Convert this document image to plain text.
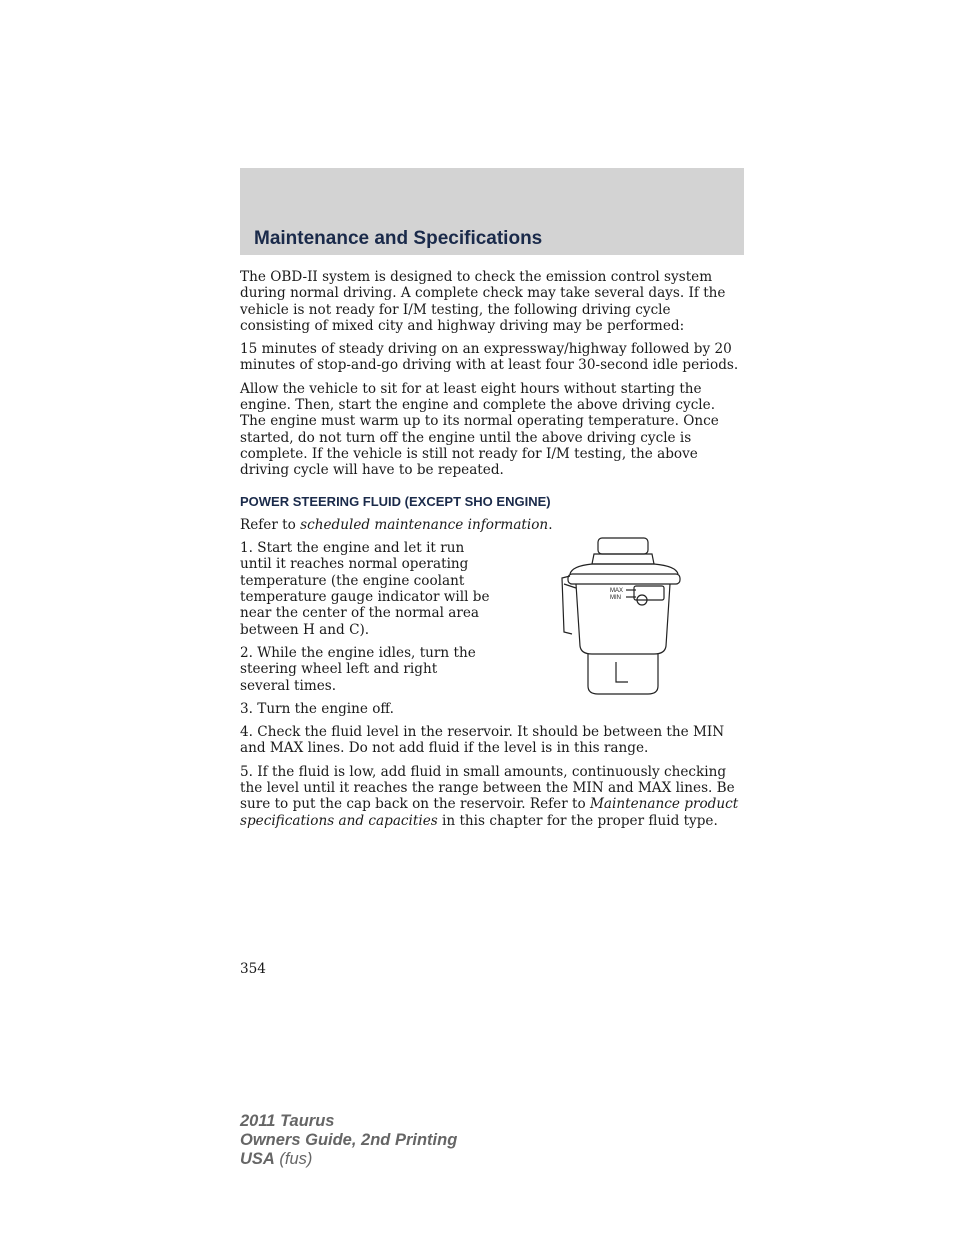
Maintenance and Specifications

The OBD-II system is designed to check the emission control system during normal driving. A complete check may take several days. If the vehicle is not ready for I/M testing, the following driving cycle consisting of mixed city and highway driving may be performed:

15 minutes of steady driving on an expressway/highway followed by 20 minutes of stop-and-go driving with at least four 30-second idle periods.

Allow the vehicle to sit for at least eight hours without starting the engine. Then, start the engine and complete the above driving cycle. The engine must warm up to its normal operating temperature. Once started, do not turn off the engine until the above driving cycle is complete. If the vehicle is still not ready for I/M testing, the above driving cycle will have to be repeated.

POWER STEERING FLUID (EXCEPT SHO ENGINE)

Refer to scheduled maintenance information.

1. Start the engine and let it run until it reaches normal operating temperature (the engine coolant temperature gauge indicator will be near the center of the normal area between H and C).

2. While the engine idles, turn the steering wheel left and right several times.

MAX
MIN

3. Turn the engine off.

4. Check the fluid level in the reservoir. It should be between the MIN and MAX lines. Do not add fluid if the level is in this range.

5. If the fluid is low, add fluid in small amounts, continuously checking the level until it reaches the range between the MIN and MAX lines. Be sure to put the cap back on the reservoir. Refer to Maintenance product specifications and capacities in this chapter for the proper fluid type.

354
2011 Taurus
Owners Guide, 2nd Printing
USA (fus)
